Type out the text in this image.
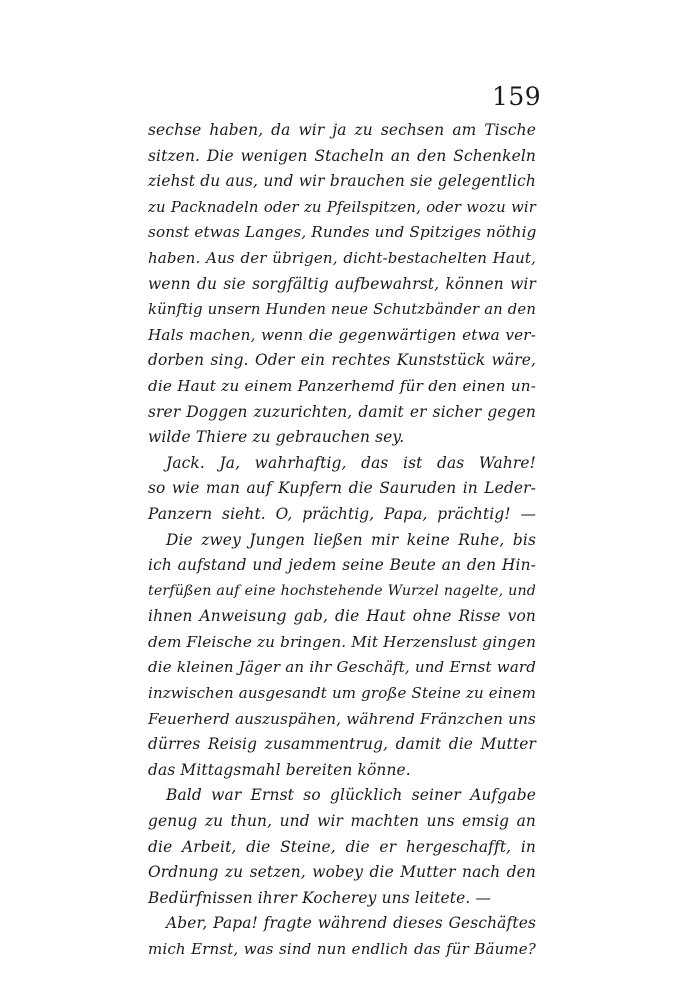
159
sechse haben, da wir ja zu sechsen am Tische
sitzen. Die wenigen Stacheln an den Schenkeln
ziehst du aus, und wir brauchen sie gelegentlich
zu Packnadeln oder zu Pfeilspitzen, oder wozu wir
sonst etwas Langes, Rundes und Spitziges nöthig
haben. Aus der übrigen, dicht-bestachelten Haut,
wenn du sie sorgfältig aufbewahrst, können wir
künftig unsern Hunden neue Schutzbänder an den
Hals machen, wenn die gegenwärtigen etwa ver-
dorben sing. Oder ein rechtes Kunststück wäre,
die Haut zu einem Panzerhemd für den einen un-
srer Doggen zuzurichten, damit er sicher gegen
wilde Thiere zu gebrauchen sey.
Jack. Ja, wahrhaftig, das ist das Wahre!
so wie man auf Kupfern die Sauruden in Leder-
Panzern sieht. O, prächtig, Papa, prächtig! —
Die zwey Jungen ließen mir keine Ruhe, bis
ich aufstand und jedem seine Beute an den Hin-
terfüßen auf eine hochstehende Wurzel nagelte, und
ihnen Anweisung gab, die Haut ohne Risse von
dem Fleische zu bringen. Mit Herzenslust gingen
die kleinen Jäger an ihr Geschäft, und Ernst ward
inzwischen ausgesandt um große Steine zu einem
Feuerherd auszuspähen, während Fränzchen uns
dürres Reisig zusammentrug, damit die Mutter
das Mittagsmahl bereiten könne.
Bald war Ernst so glücklich seiner Aufgabe
genug zu thun, und wir machten uns emsig an
die Arbeit, die Steine, die er hergeschafft, in
Ordnung zu setzen, wobey die Mutter nach den
Bedürfnissen ihrer Kocherey uns leitete. —
Aber, Papa! fragte während dieses Geschäftes
mich Ernst, was sind nun endlich das für Bäume?
